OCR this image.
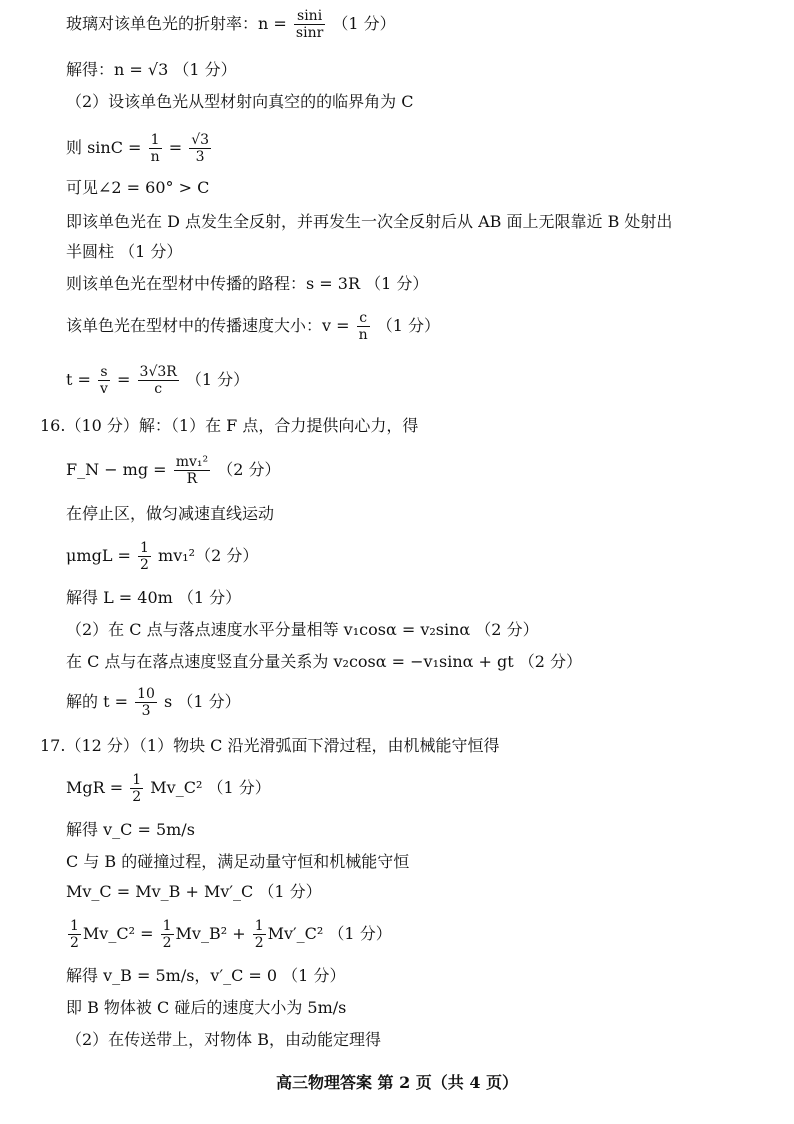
玻璃对该单色光的折射率：$n = \frac{\sin i}{\sin r} (1$ 分）
解得：n = √3 （1 分）
（2）设该单色光从型材射向真空的的临界角为 C
则 $\sin C = \frac{1}{n} = \frac{√3}{3}$
可见∠2 = 60° > C
即该单色光在 D 点发生全反射，并再发生一次全反射后从 AB 面上无限靠近 B 处射出
半圆柱 （1 分）
则该单色光在型材中传播的路程：s = 3R （1 分）
该单色光在型材中的传播速度大小：$v = \frac{c}{n} (1$ 分）
$t = \frac{s}{v} = \frac{3√3R}{c} (1$ 分）
16.（10 分）解：（1）在 F 点，合力提供向心力，得
F_N − mg = $\frac{\text{mv₁²}}{R} (2$ 分）
在停止区，做匀减速直线运动
$\mu mgL = \frac{1}{2} mv_1^2(2$ 分）
解得 L = 40m （1 分）
（2）在 C 点与落点速度水平分量相等 v₁cosα = v₂sinα （2 分）
在 C 点与在落点速度竖直分量关系为 v₂cosα = −v₁sinα + gt （2 分）
解的 $t = \frac{10}{3}$ s （1 分）
17.（12 分）（1）物块 C 沿光滑弧面下滑过程，由机械能守恒得
MgR = $\frac{1}{2}$ Mv_C² （1 分）
解得 v_C = 5m/s
C 与 B 的碰撞过程，满足动量守恒和机械能守恒
Mv_C = Mv_B + Mv′_C （1 分）
$\frac{1}{2}$ Mv_C² = $\frac{1}{2}$ Mv_B² + $\frac{1}{2}$ Mv′_C² （1 分）
解得 v_B = 5m/s，v′_C = 0 （1 分）
即 B 物体被 C 碰后的速度大小为 5m/s
（2）在传送带上，对物体 B，由动能定理得
高三物理答案 第 2 页（共 4 页）
